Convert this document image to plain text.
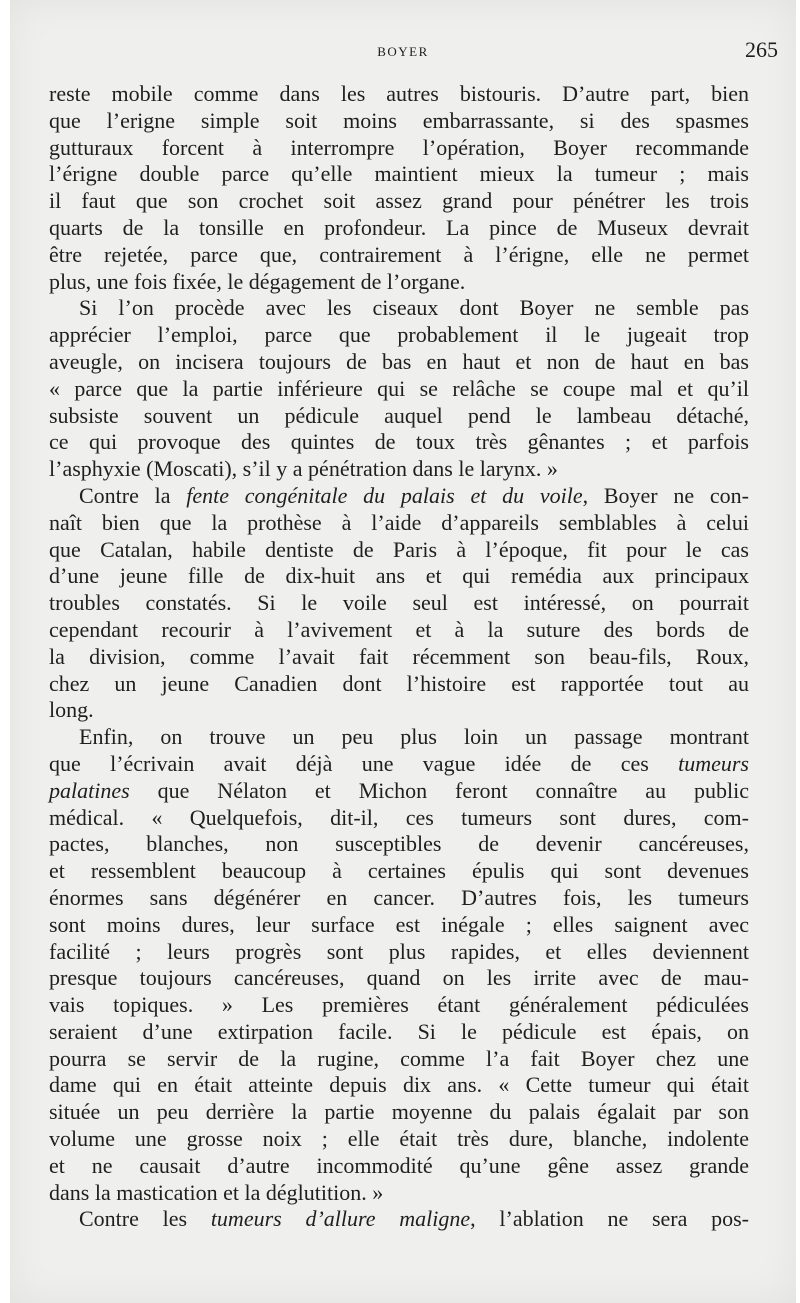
BOYER	265
reste mobile comme dans les autres bistouris. D’autre part, bien
que l’erigne simple soit moins embarrassante, si des spasmes
gutturaux forcent à interrompre l’opération, Boyer recommande
l’érigne double parce qu’elle maintient mieux la tumeur ; mais
il faut que son crochet soit assez grand pour pénétrer les trois
quarts de la tonsille en profondeur. La pince de Museux devrait
être rejetée, parce que, contrairement à l’érigne, elle ne permet
plus, une fois fixée, le dégagement de l’organe.
Si l’on procède avec les ciseaux dont Boyer ne semble pas
apprécier l’emploi, parce que probablement il le jugeait trop
aveugle, on incisera toujours de bas en haut et non de haut en bas
« parce que la partie inférieure qui se relâche se coupe mal et qu’il
subsiste souvent un pédicule auquel pend le lambeau détaché,
ce qui provoque des quintes de toux très gênantes ; et parfois
l’asphyxie (Moscati), s’il y a pénétration dans le larynx. »
Contre la fente congénitale du palais et du voile, Boyer ne con-
naît bien que la prothèse à l’aide d’appareils semblables à celui
que Catalan, habile dentiste de Paris à l’époque, fit pour le cas
d’une jeune fille de dix-huit ans et qui remédia aux principaux
troubles constatés. Si le voile seul est intéressé, on pourrait
cependant recourir à l’avivement et à la suture des bords de
la division, comme l’avait fait récemment son beau-fils, Roux,
chez un jeune Canadien dont l’histoire est rapportée tout au
long.
Enfin, on trouve un peu plus loin un passage montrant
que l’écrivain avait déjà une vague idée de ces tumeurs
palatines que Nélaton et Michon feront connaître au public
médical. « Quelquefois, dit-il, ces tumeurs sont dures, com-
pactes, blanches, non susceptibles de devenir cancéreuses,
et ressemblent beaucoup à certaines épulis qui sont devenues
énormes sans dégénérer en cancer. D’autres fois, les tumeurs
sont moins dures, leur surface est inégale ; elles saignent avec
facilité ; leurs progrès sont plus rapides, et elles deviennent
presque toujours cancéreuses, quand on les irrite avec de mau-
vais topiques. » Les premières étant généralement pédiculées
seraient d’une extirpation facile. Si le pédicule est épais, on
pourra se servir de la rugine, comme l’a fait Boyer chez une
dame qui en était atteinte depuis dix ans. « Cette tumeur qui était
située un peu derrière la partie moyenne du palais égalait par son
volume une grosse noix ; elle était très dure, blanche, indolente
et ne causait d’autre incommodité qu’une gêne assez grande
dans la mastication et la déglutition. »
Contre les tumeurs d’allure maligne, l’ablation ne sera pos-
